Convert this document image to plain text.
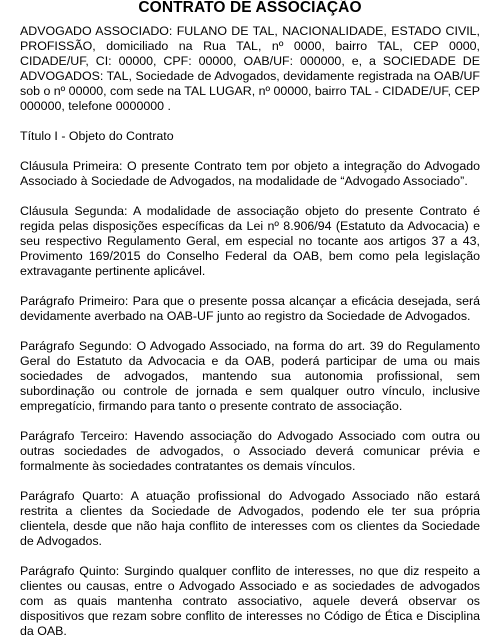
CONTRATO DE ASSOCIAÇÃO

ADVOGADO ASSOCIADO: FULANO DE TAL, NACIONALIDADE, ESTADO CIVIL, PROFISSÃO, domiciliado na Rua TAL, nº 0000, bairro TAL, CEP 0000, CIDADE/UF, CI: 00000, CPF: 00000, OAB/UF: 000000, e, a SOCIEDADE DE ADVOGADOS: TAL, Sociedade de Advogados, devidamente registrada na OAB/UF sob o nº 00000, com sede na TAL LUGAR, nº 00000, bairro TAL - CIDADE/UF, CEP 000000, telefone 0000000 .

Título I - Objeto do Contrato

Cláusula Primeira: O presente Contrato tem por objeto a integração do Advogado Associado à Sociedade de Advogados, na modalidade de “Advogado Associado”.

Cláusula Segunda: A modalidade de associação objeto do presente Contrato é regida pelas disposições específicas da Lei nº 8.906/94 (Estatuto da Advocacia) e seu respectivo Regulamento Geral, em especial no tocante aos artigos 37 a 43, Provimento 169/2015 do Conselho Federal da OAB, bem como pela legislação extravagante pertinente aplicável.

Parágrafo Primeiro: Para que o presente possa alcançar a eficácia desejada, será devidamente averbado na OAB-UF junto ao registro da Sociedade de Advogados.

Parágrafo Segundo: O Advogado Associado, na forma do art. 39 do Regulamento Geral do Estatuto da Advocacia e da OAB, poderá participar de uma ou mais sociedades de advogados, mantendo sua autonomia profissional, sem subordinação ou controle de jornada e sem qualquer outro vínculo, inclusive empregatício, firmando para tanto o presente contrato de associação.

Parágrafo Terceiro: Havendo associação do Advogado Associado com outra ou outras sociedades de advogados, o Associado deverá comunicar prévia e formalmente às sociedades contratantes os demais vínculos.

Parágrafo Quarto: A atuação profissional do Advogado Associado não estará restrita a clientes da Sociedade de Advogados, podendo ele ter sua própria clientela, desde que não haja conflito de interesses com os clientes da Sociedade de Advogados.

Parágrafo Quinto: Surgindo qualquer conflito de interesses, no que diz respeito a clientes ou causas, entre o Advogado Associado e as sociedades de advogados com as quais mantenha contrato associativo, aquele deverá observar os dispositivos que rezam sobre conflito de interesses no Código de Ética e Disciplina da OAB.
